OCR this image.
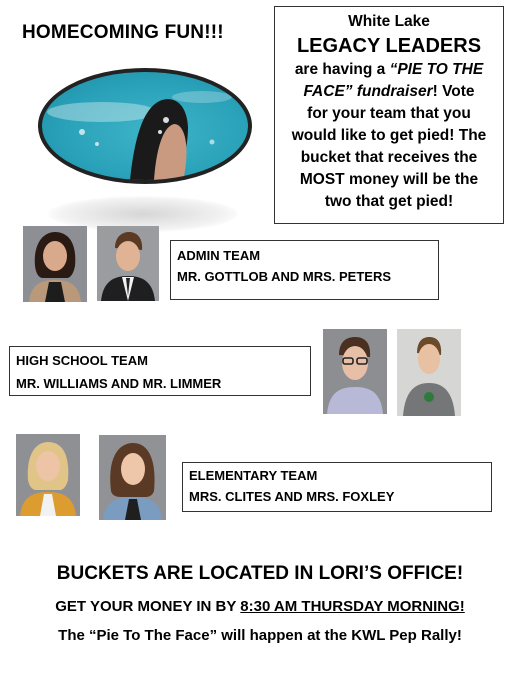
HOMECOMING FUN!!!
White Lake
LEGACY LEADERS
are having a “PIE TO THE
FACE” fundraiser! Vote
for your team that you
would like to get pied! The
bucket that receives the
MOST money will be the
two that get pied!
ADMIN TEAM
MR. GOTTLOB AND MRS. PETERS
HIGH SCHOOL TEAM
MR. WILLIAMS AND MR. LIMMER
ELEMENTARY TEAM
MRS. CLITES AND MRS. FOXLEY
BUCKETS ARE LOCATED IN LORI’S OFFICE!
GET YOUR MONEY IN BY 8:30 AM THURSDAY MORNING!
The “Pie To The Face” will happen at the KWL Pep Rally!
